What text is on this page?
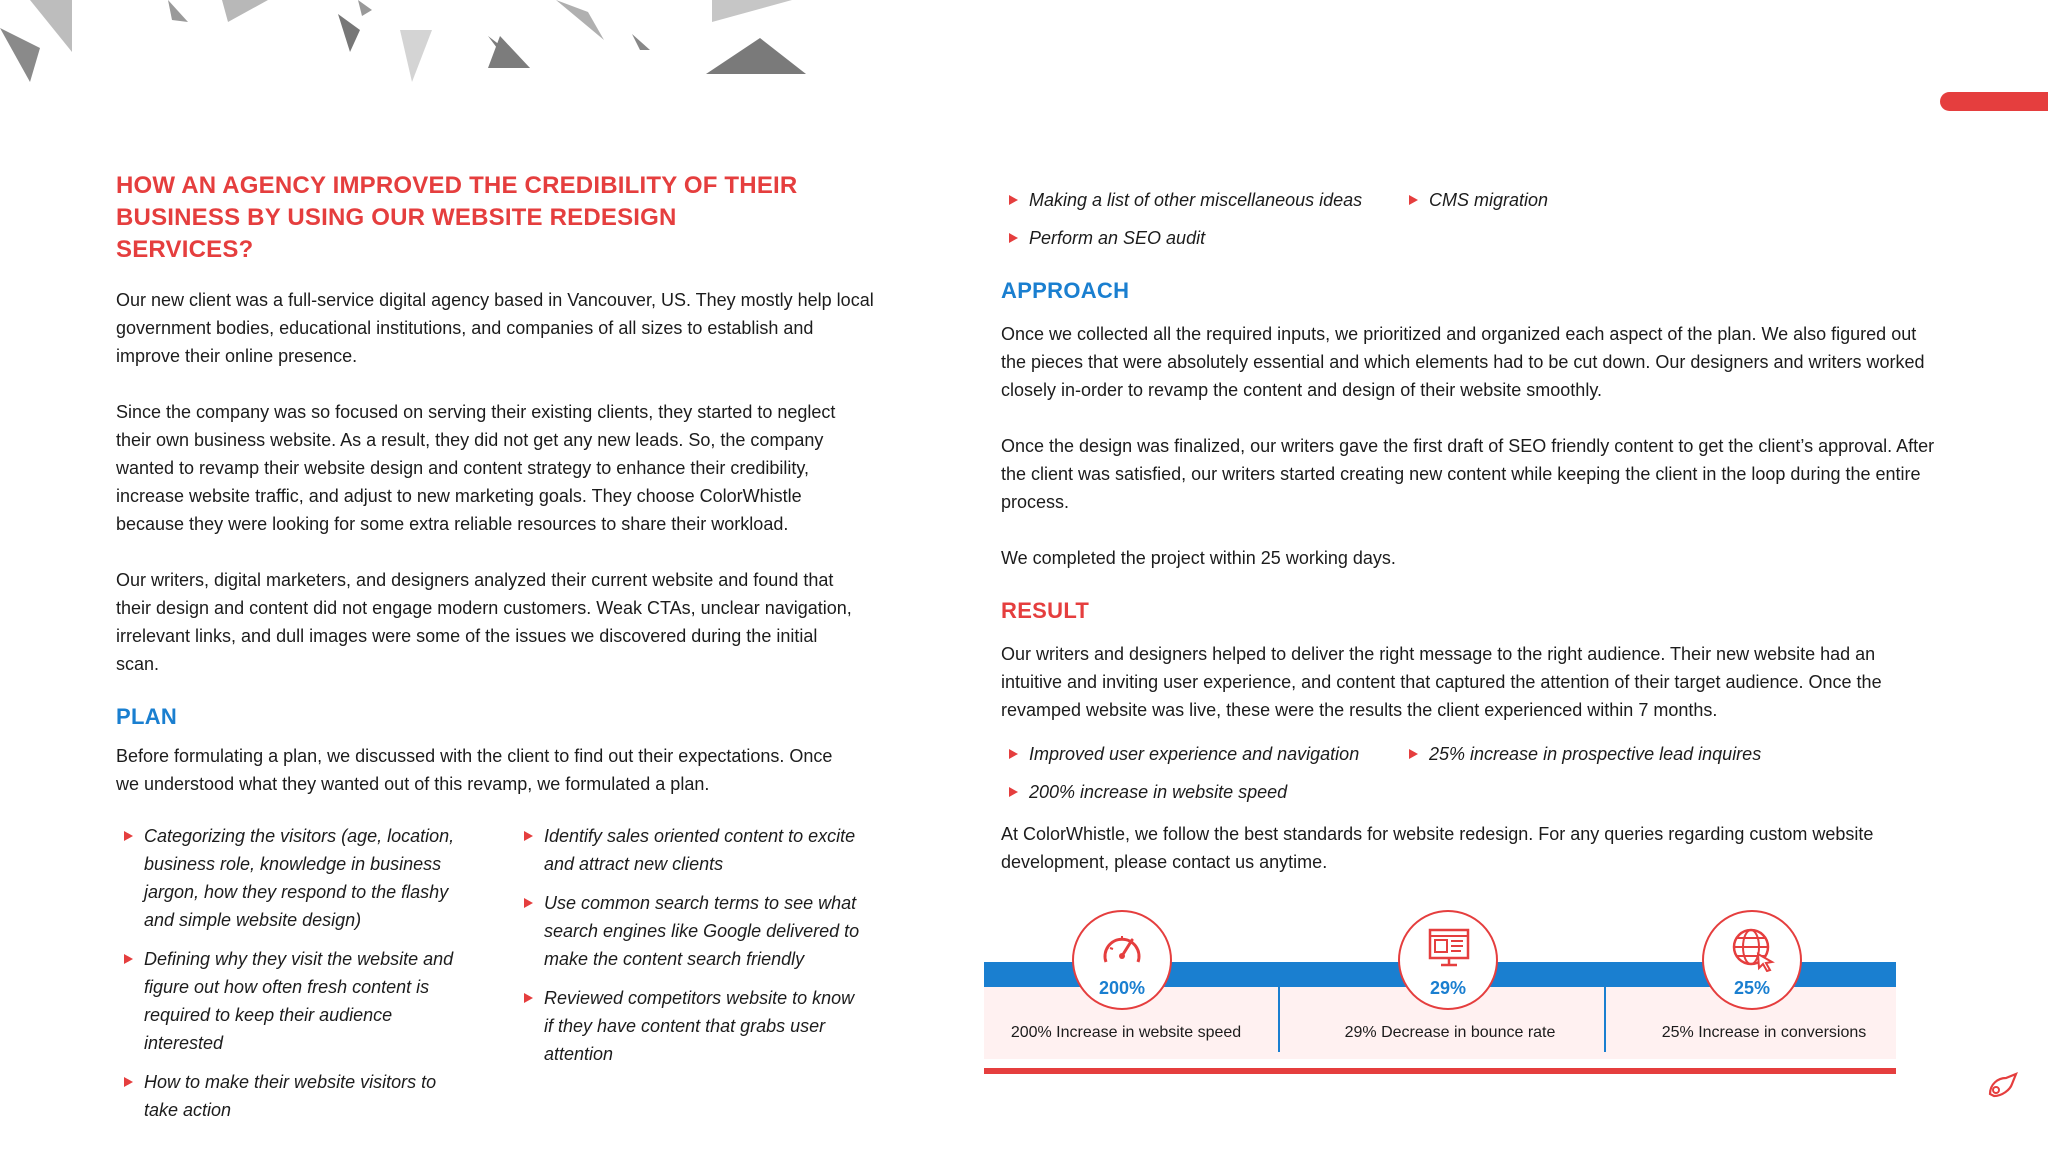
HOW AN AGENCY IMPROVED THE CREDIBILITY OF THEIR BUSINESS BY USING OUR WEBSITE REDESIGN SERVICES?

Our new client was a full-service digital agency based in Vancouver, US. They mostly help local government bodies, educational institutions, and companies of all sizes to establish and improve their online presence.

Since the company was so focused on serving their existing clients, they started to neglect their own business website. As a result, they did not get any new leads. So, the company wanted to revamp their website design and content strategy to enhance their credibility, increase website traffic, and adjust to new marketing goals. They choose ColorWhistle because they were looking for some extra reliable resources to share their workload.

Our writers, digital marketers, and designers analyzed their current website and found that their design and content did not engage modern customers. Weak CTAs, unclear navigation, irrelevant links, and dull images were some of the issues we discovered during the initial scan.

PLAN

Before formulating a plan, we discussed with the client to find out their expectations. Once we understood what they wanted out of this revamp, we formulated a plan.

Categorizing the visitors (age, location, business role, knowledge in business jargon, how they respond to the flashy and simple website design)
Defining why they visit the website and figure out how often fresh content is required to keep their audience interested
How to make their website visitors to take action
Identify sales oriented content to excite and attract new clients
Use common search terms to see what search engines like Google delivered to make the content search friendly
Reviewed competitors website to know if they have content that grabs user attention
Making a list of other miscellaneous ideas
Perform an SEO audit
CMS migration
APPROACH

Once we collected all the required inputs, we prioritized and organized each aspect of the plan. We also figured out the pieces that were absolutely essential and which elements had to be cut down. Our designers and writers worked closely in-order to revamp the content and design of their website smoothly.

Once the design was finalized, our writers gave the first draft of SEO friendly content to get the client’s approval. After the client was satisfied, our writers started creating new content while keeping the client in the loop during the entire process.

We completed the project within 25 working days.

RESULT

Our writers and designers helped to deliver the right message to the right audience. Their new website had an intuitive and inviting user experience, and content that captured the attention of their target audience. Once the revamped website was live, these were the results the client experienced within 7 months.

Improved user experience and navigation
200% increase in website speed
25% increase in prospective lead inquires

At ColorWhistle, we follow the best standards for website redesign. For any queries regarding custom website development, please contact us anytime.

200%
200% Increase in website speed
29%
29% Decrease in bounce rate
25%
25% Increase in conversions
